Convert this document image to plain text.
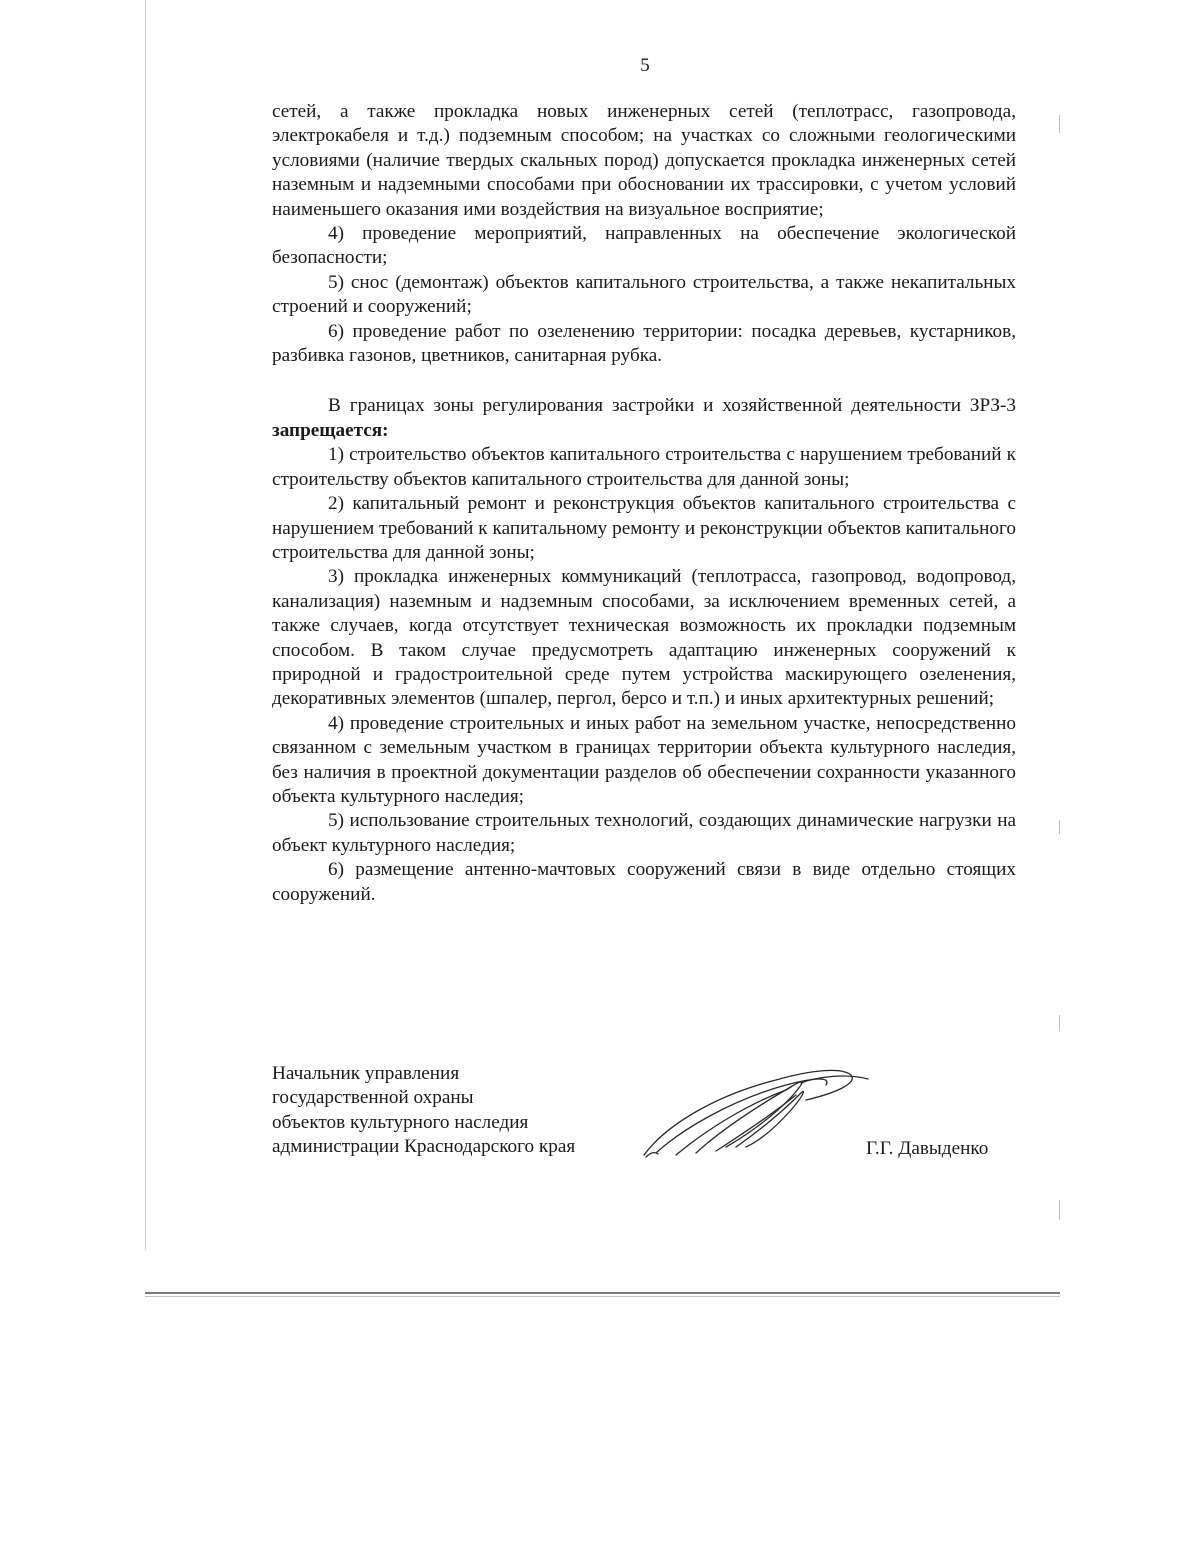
5

сетей, а также прокладка новых инженерных сетей (теплотрасс, газопровода, электрокабеля и т.д.) подземным способом; на участках со сложными геологическими условиями (наличие твердых скальных пород) допускается прокладка инженерных сетей наземным и надземными способами при обосновании их трассировки, с учетом условий наименьшего оказания ими воздействия на визуальное восприятие;

4) проведение мероприятий, направленных на обеспечение экологической безопасности;

5) снос (демонтаж) объектов капитального строительства, а также некапитальных строений и сооружений;

6) проведение работ по озеленению территории: посадка деревьев, кустарников, разбивка газонов, цветников, санитарная рубка.

В границах зоны регулирования застройки и хозяйственной деятельности ЗРЗ-3 запрещается:

1) строительство объектов капитального строительства с нарушением требований к строительству объектов капитального строительства для данной зоны;

2) капитальный ремонт и реконструкция объектов капитального строительства с нарушением требований к капитальному ремонту и реконструкции объектов капитального строительства для данной зоны;

3) прокладка инженерных коммуникаций (теплотрасса, газопровод, водопровод, канализация) наземным и надземным способами, за исключением временных сетей, а также случаев, когда отсутствует техническая возможность их прокладки подземным способом. В таком случае предусмотреть адаптацию инженерных сооружений к природной и градостроительной среде путем устройства маскирующего озеленения, декоративных элементов (шпалер, пергол, берсо и т.п.) и иных архитектурных решений;

4) проведение строительных и иных работ на земельном участке, непосредственно связанном с земельным участком в границах территории объекта культурного наследия, без наличия в проектной документации разделов об обеспечении сохранности указанного объекта культурного наследия;

5) использование строительных технологий, создающих динамические нагрузки на объект культурного наследия;

6) размещение антенно-мачтовых сооружений связи в виде отдельно стоящих сооружений.

Начальник управления
государственной охраны
объектов культурного наследия
администрации Краснодарского края	Г.Г. Давыденко
